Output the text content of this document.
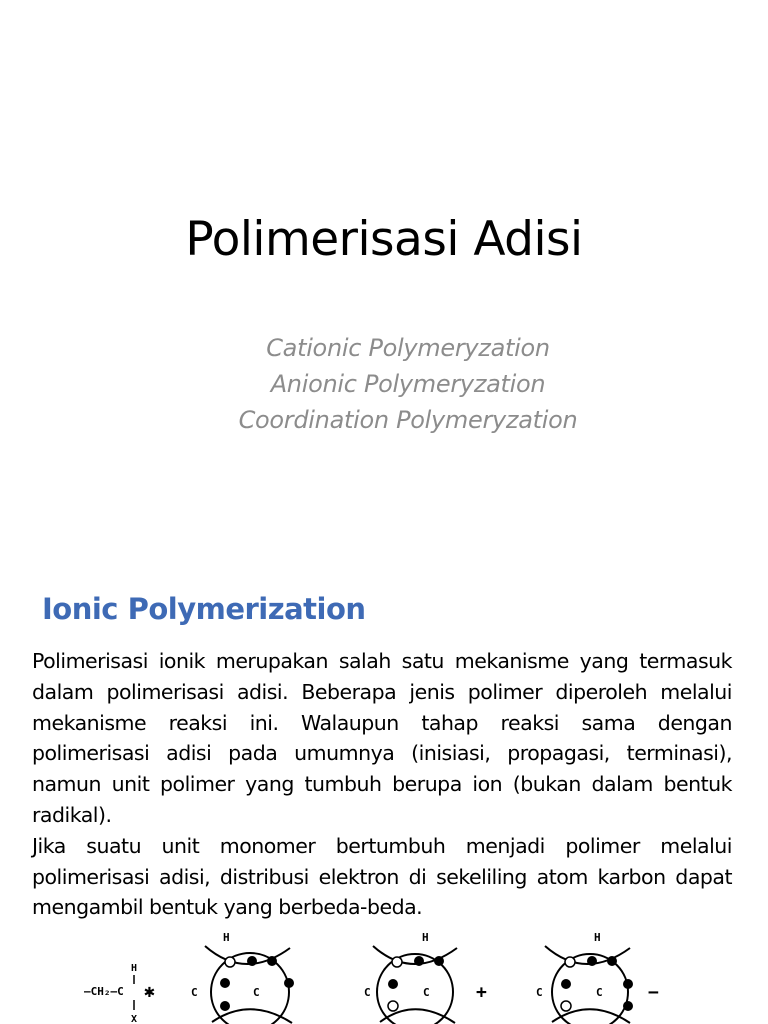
Polimerisasi Adisi
Cationic Polymeryzation
Anionic Polymeryzation
Coordination Polymeryzation
Ionic Polymerization

Polimerisasi ionik merupakan salah satu mekanisme yang termasuk dalam polimerisasi adisi. Beberapa jenis polimer diperoleh melalui mekanisme reaksi ini. Walaupun tahap reaksi sama dengan polimerisasi adisi pada umumnya (inisiasi, propagasi, terminasi), namun unit polimer yang tumbuh berupa ion (bukan dalam bentuk radikal).

Jika suatu unit monomer bertumbuh menjadi polimer melalui polimerisasi adisi, distribusi elektron di sekeliling atom karbon dapat mengambil bentuk yang berbeda-beda.

—CH₂—C
H
X
✱
H
C	C
H
C	C	+
H
C	C	−
